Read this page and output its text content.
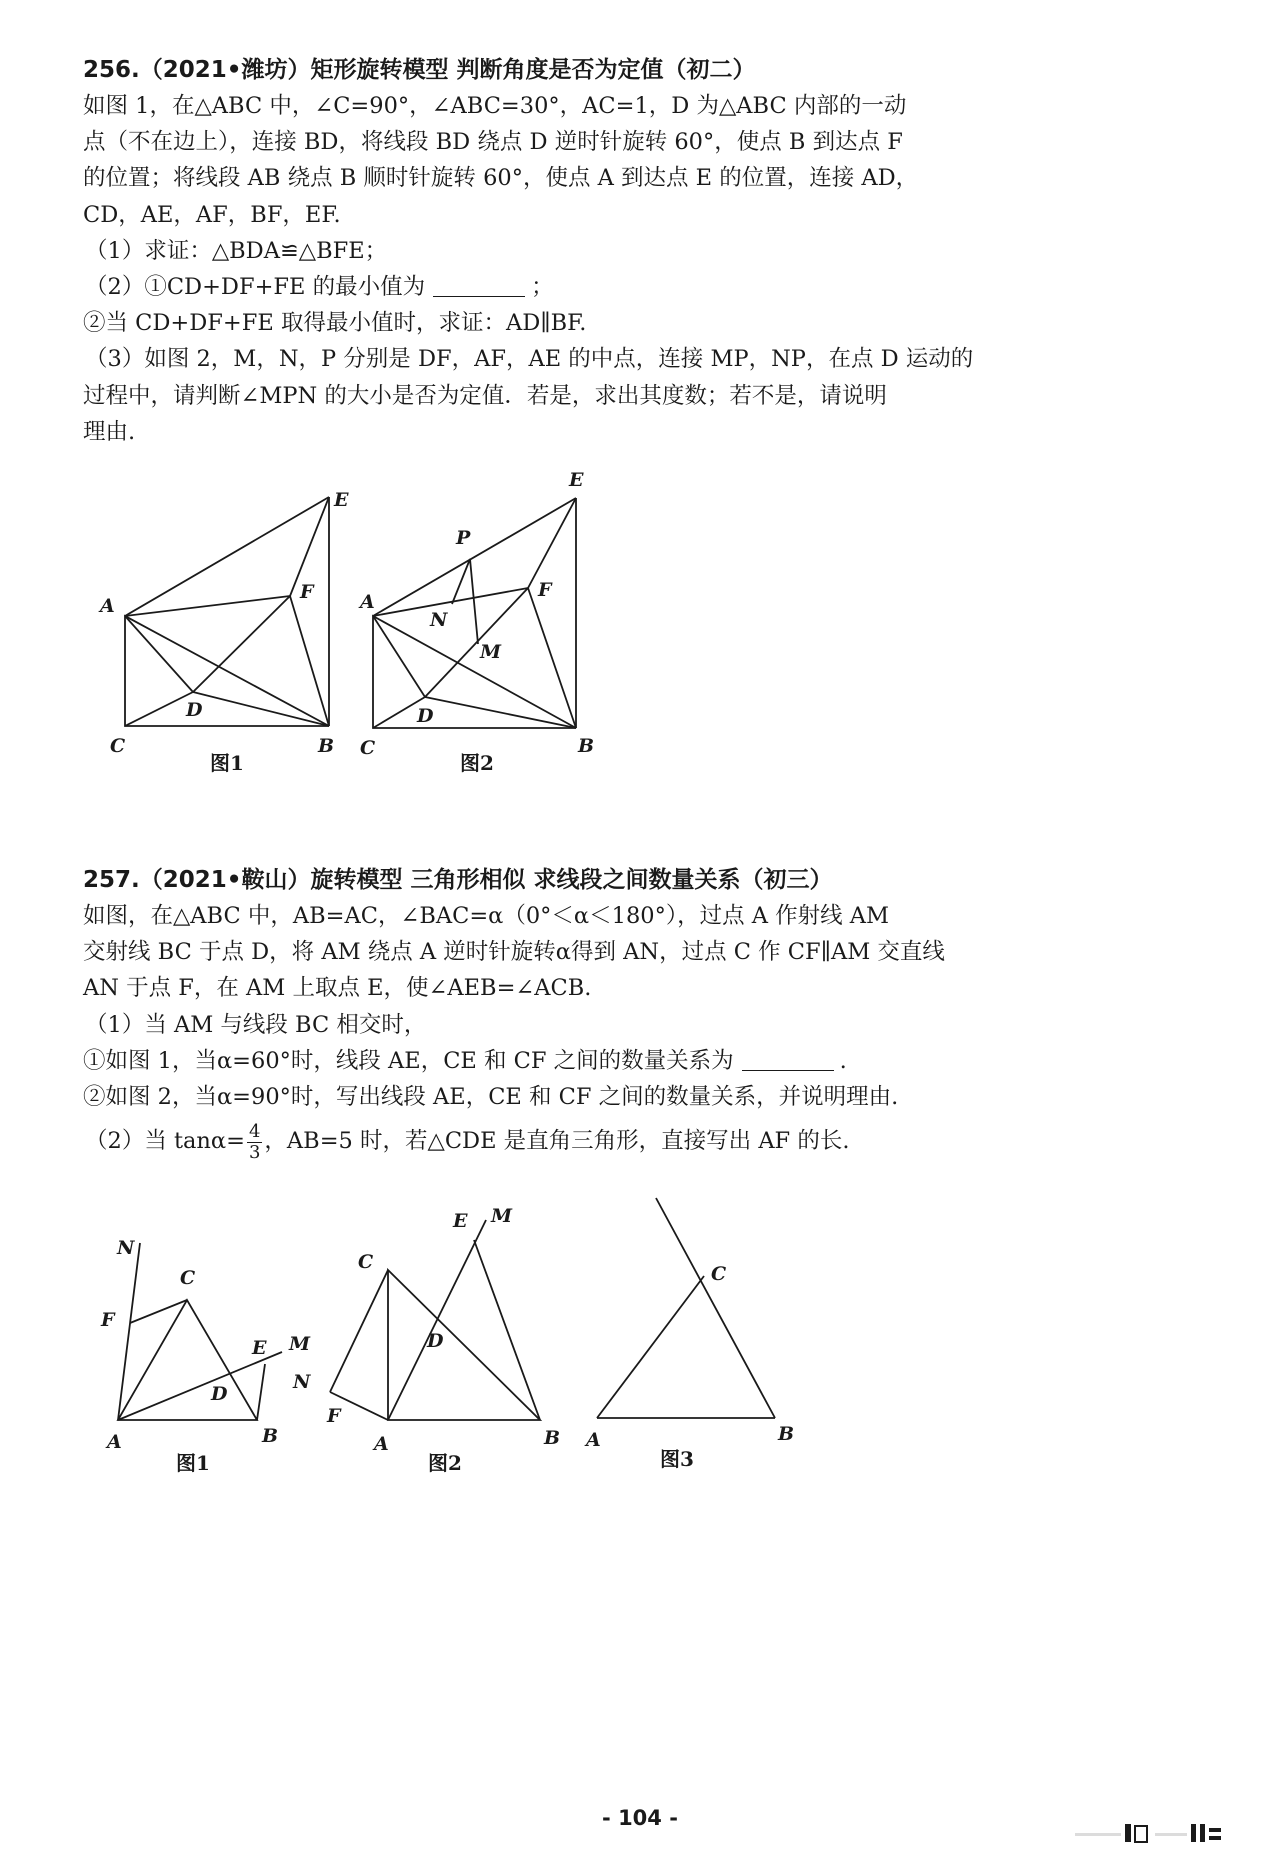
256.（2021•潍坊）矩形旋转模型 判断角度是否为定值（初二）
如图 1，在△ABC 中，∠C=90°，∠ABC=30°，AC=1，D 为△ABC 内部的一动
点（不在边上），连接 BD，将线段 BD 绕点 D 逆时针旋转 60°，使点 B 到达点 F
的位置；将线段 AB 绕点 B 顺时针旋转 60°，使点 A 到达点 E 的位置，连接 AD，
CD，AE，AF，BF，EF.
（1）求证：△BDA≌△BFE；
（2）①CD+DF+FE 的最小值为	；
②当 CD+DF+FE 取得最小值时，求证：AD∥BF.
（3）如图 2，M，N，P 分别是 DF，AF，AE 的中点，连接 MP，NP，在点 D 运动的
过程中，请判断∠MPN 的大小是否为定值．若是，求出其度数；若不是，请说明
理由.
A
C	B
E
F
D
图1
A
C	B
E
F
D
P
N
M
图2
257.（2021•鞍山）旋转模型 三角形相似 求线段之间数量关系（初三）
如图，在△ABC 中，AB=AC，∠BAC=α（0°＜α＜180°），过点 A 作射线 AM
交射线 BC 于点 D，将 AM 绕点 A 逆时针旋转α得到 AN，过点 C 作 CF∥AM 交直线
AN 于点 F，在 AM 上取点 E，使∠AEB=∠ACB.
（1）当 AM 与线段 BC 相交时，
①如图 1，当α=60°时，线段 AE，CE 和 CF 之间的数量关系为	.
②如图 2，当α=90°时，写出线段 AE，CE 和 CF 之间的数量关系，并说明理由.
（2）当 $\tan\alpha= \frac{4}{3}$ ，AB=5 时，若△CDE 是直角三角形，直接写出 AF 的长.
N
C
F
E M
D
A	B
图1
E M
C
D
N
F
A	B
图2
C
A	B
图3
- 104 -
